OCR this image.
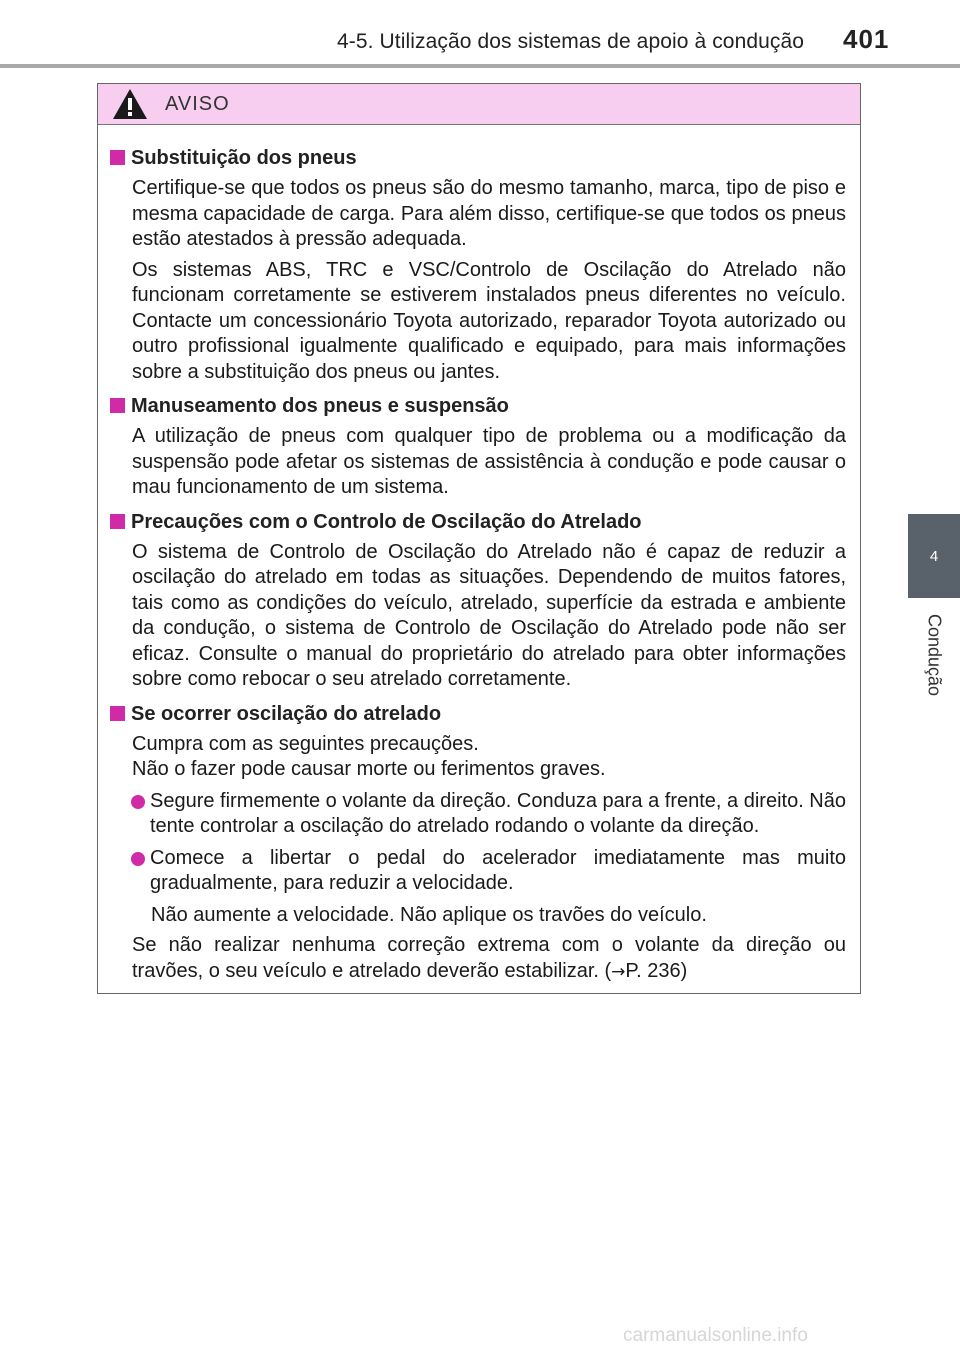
4-5. Utilização dos sistemas de apoio à condução 401
4
Condução
AVISO
Substituição dos pneus
Certifique-se que todos os pneus são do mesmo tamanho, marca, tipo de piso e mesma capacidade de carga. Para além disso, certifique-se que todos os pneus estão atestados à pressão adequada.
Os sistemas ABS, TRC e VSC/Controlo de Oscilação do Atrelado não funcionam corretamente se estiverem instalados pneus diferentes no veículo. Contacte um concessionário Toyota autorizado, reparador Toyota autorizado ou outro profissional igualmente qualificado e equipado, para mais informações sobre a substituição dos pneus ou jantes.
Manuseamento dos pneus e suspensão
A utilização de pneus com qualquer tipo de problema ou a modificação da suspensão pode afetar os sistemas de assistência à condução e pode causar o mau funcionamento de um sistema.
Precauções com o Controlo de Oscilação do Atrelado
O sistema de Controlo de Oscilação do Atrelado não é capaz de reduzir a oscilação do atrelado em todas as situações. Dependendo de muitos fatores, tais como as condições do veículo, atrelado, superfície da estrada e ambiente da condução, o sistema de Controlo de Oscilação do Atrelado pode não ser eficaz. Consulte o manual do proprietário do atrelado para obter informações sobre como rebocar o seu atrelado corretamente.
Se ocorrer oscilação do atrelado
Cumpra com as seguintes precauções.
Não o fazer pode causar morte ou ferimentos graves.
Segure firmemente o volante da direção. Conduza para a frente, a direito. Não tente controlar a oscilação do atrelado rodando o volante da direção.
Comece a libertar o pedal do acelerador imediatamente mas muito gradualmente, para reduzir a velocidade.
Não aumente a velocidade. Não aplique os travões do veículo.
Se não realizar nenhuma correção extrema com o volante da direção ou travões, o seu veículo e atrelado deverão estabilizar. (→P. 236)
carmanualsonline.info
